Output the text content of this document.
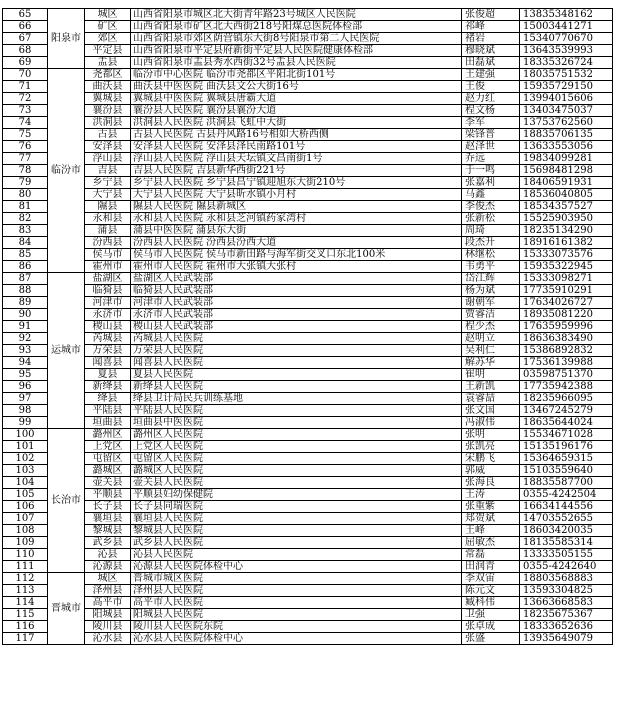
65	阳泉市	城区	山西省阳泉市城区北大街青年路23号城区人民医院	张俊超	13835348162
66		矿区	山西省阳泉市矿区北大西街218号阳煤总医院体检部	祁峰	15003441271
67		郊区	山西省阳泉市郊区荫营镇东大街8号阳泉市第二人民医院	褚岩	15340770670
68		平定县	山西省阳泉市平定县府新街平定县人民医院健康体检部	穆晓斌	13643539993
69		盂县	山西省阳泉市盂县秀水西街32号盂县人民医院	田磊斌	18335326724
70	临汾市	尧都区	临汾市中心医院 临汾市尧都区平阳北街101号	王建强	18035751532
71		曲沃县	曲沃县中医医院 曲沃县文公大街16号	王俊	15935729150
72		翼城县	翼城县中医医院 翼城县唐霸大道	赵力红	13994015606
73		襄汾县	襄汾县人民医院 襄汾县襄汾大道	程文杨	13403475037
74		洪洞县	洪洞县人民医院 洪洞县飞虹中大街	李军	13753762560
75		古县	古县人民医院 古县丹风路16号相如大桥西侧	梁锋普	18835706135
76		安泽县	安泽县人民医院 安泽县泽民南路101号	赵泽世	13633553056
77		浮山县	浮山县人民医院 浮山县天坛镇文昌南街1号	乔远	19834099281
78		吉县	吉县人民医院 吉县新华西街221号	于一鸣	15698481298
79		乡宁县	乡宁县人民医院 乡宁县昌宁镇迎旭东大街210号	张嘉利	18406591931
80		大宁县	大宁县人民医院 大宁县昕水镇小月村	马鑫	18536040805
81		隰县	隰县人民医院 隰县新城区	李俊杰	18534357527
82		永和县	永和县人民医院 永和县芝河镇药家湾村	张新松	15525903950
83		蒲县	蒲县中医医院 蒲县东大街	周琦	18235134290
84		汾西县	汾西县人民医院 汾西县汾西大道	段杰升	18916161382
85		侯马市	侯马市人民医院 侯马市新田路与海军街交叉口东北100米	林继松	15333073576
86		霍州市	霍州市人民医院 霍州市大张镇大张村	韦勇平	15935322945
87	运城市	盐湖区	盐湖区人民武装部	岱江辉	15333098271
88		临猗县	临猗县人民武装部	杨为斌	17735910291
89		河津市	河津市人民武装部	谢朝军	17634026727
90		永济市	永济市人民武装部	贾睿洁	18935081220
91		稷山县	稷山县人民武装部	程少杰	17635959996
92		芮城县	芮城县人民医院	赵明立	18636383490
93		万荣县	万荣县人民医院	吴利仁	15386892832
94		闻喜县	闻喜县人民医院	解苏华	17536139988
95		夏县	夏县人民医院	崔明	03598751370
96		新绛县	新绛县人民医院	王新凯	17735942388
97		绛县	绛县卫计局民兵训练基地	袁睿喆	18235966095
98		平陆县	平陆县人民医院	张文国	13467245279
99		垣曲县	垣曲县中医医院	冯淑伟	18635644024
100	长治市	潞州区	潞州区人民医院	张明	15534671028
101		上党区	上党区人民医院	张凯亮	15135196176
102		屯留区	屯留区人民医院	宋鹏飞	15364659315
103		潞城区	潞城区人民医院	郭威	15103559640
104		壶关县	壶关县人民医院	张海良	18835587700
105		平顺县	平顺县妇幼保健院	王涛	0355-4242504
106		长子县	长子县同瑞医院	张重紫	16634144556
107		襄垣县	襄垣县人民医院	郑贺斌	14703552655
108		黎城县	黎城县人民医院	王峰	18603420035
109		武乡县	武乡县人民医院	屈敏杰	18135585314
110		沁县	沁县人民医院	常磊	13333505155
111		沁源县	沁源县人民医院体检中心	田润青	0355-4242640
112	晋城市	城区	晋城市城区医院	李双宙	18803568883
113		泽州县	泽州县人民医院	陈元文	13593304825
114		高平市	高平市人民医院	臧科伟	13663668583
115		阳城县	阳城县人民医院	卫强	18235675367
116		陵川县	陵川县人民医院东院	张卓成	18333652636
117		沁水县	沁水县人民医院体检中心	张盛	13935649079
